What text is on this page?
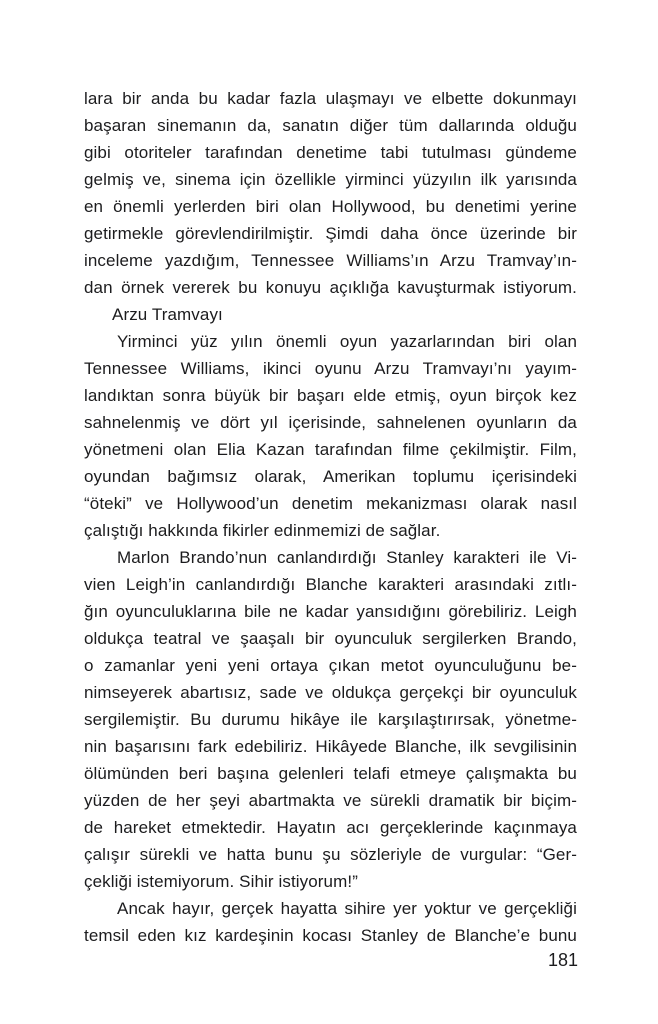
lara bir anda bu kadar fazla ulaşmayı ve elbette dokunmayı
başaran sinemanın da, sanatın diğer tüm dallarında olduğu
gibi otoriteler tarafından denetime tabi tutulması gündeme
gelmiş ve, sinema için özellikle yirminci yüzyılın ilk yarısında
en önemli yerlerden biri olan Hollywood, bu denetimi yerine
getirmekle görevlendirilmiştir. Şimdi daha önce üzerinde bir
inceleme yazdığım, Tennessee Williams’ın Arzu Tramvay’ın-
dan örnek vererek bu konuyu açıklığa kavuşturmak istiyorum.
Arzu Tramvayı
Yirminci yüz yılın önemli oyun yazarlarından biri olan
Tennessee Williams, ikinci oyunu Arzu Tramvayı’nı yayım-
landıktan sonra büyük bir başarı elde etmiş, oyun birçok kez
sahnelenmiş ve dört yıl içerisinde, sahnelenen oyunların da
yönetmeni olan Elia Kazan tarafından filme çekilmiştir. Film,
oyundan bağımsız olarak, Amerikan toplumu içerisindeki
“öteki” ve Hollywood’un denetim mekanizması olarak nasıl
çalıştığı hakkında fikirler edinmemizi de sağlar.
Marlon Brando’nun canlandırdığı Stanley karakteri ile Vi-
vien Leigh’in canlandırdığı Blanche karakteri arasındaki zıtlı-
ğın oyunculuklarına bile ne kadar yansıdığını görebiliriz. Leigh
oldukça teatral ve şaaşalı bir oyunculuk sergilerken Brando,
o zamanlar yeni yeni ortaya çıkan metot oyunculuğunu be-
nimseyerek abartısız, sade ve oldukça gerçekçi bir oyunculuk
sergilemiştir. Bu durumu hikâye ile karşılaştırırsak, yönetme-
nin başarısını fark edebiliriz. Hikâyede Blanche, ilk sevgilisinin
ölümünden beri başına gelenleri telafi etmeye çalışmakta bu
yüzden de her şeyi abartmakta ve sürekli dramatik bir biçim-
de hareket etmektedir. Hayatın acı gerçeklerinde kaçınmaya
çalışır sürekli ve hatta bunu şu sözleriyle de vurgular: “Ger-
çekliği istemiyorum. Sihir istiyorum!”
Ancak hayır, gerçek hayatta sihire yer yoktur ve gerçekliği
temsil eden kız kardeşinin kocası Stanley de Blanche’e bunu
181
